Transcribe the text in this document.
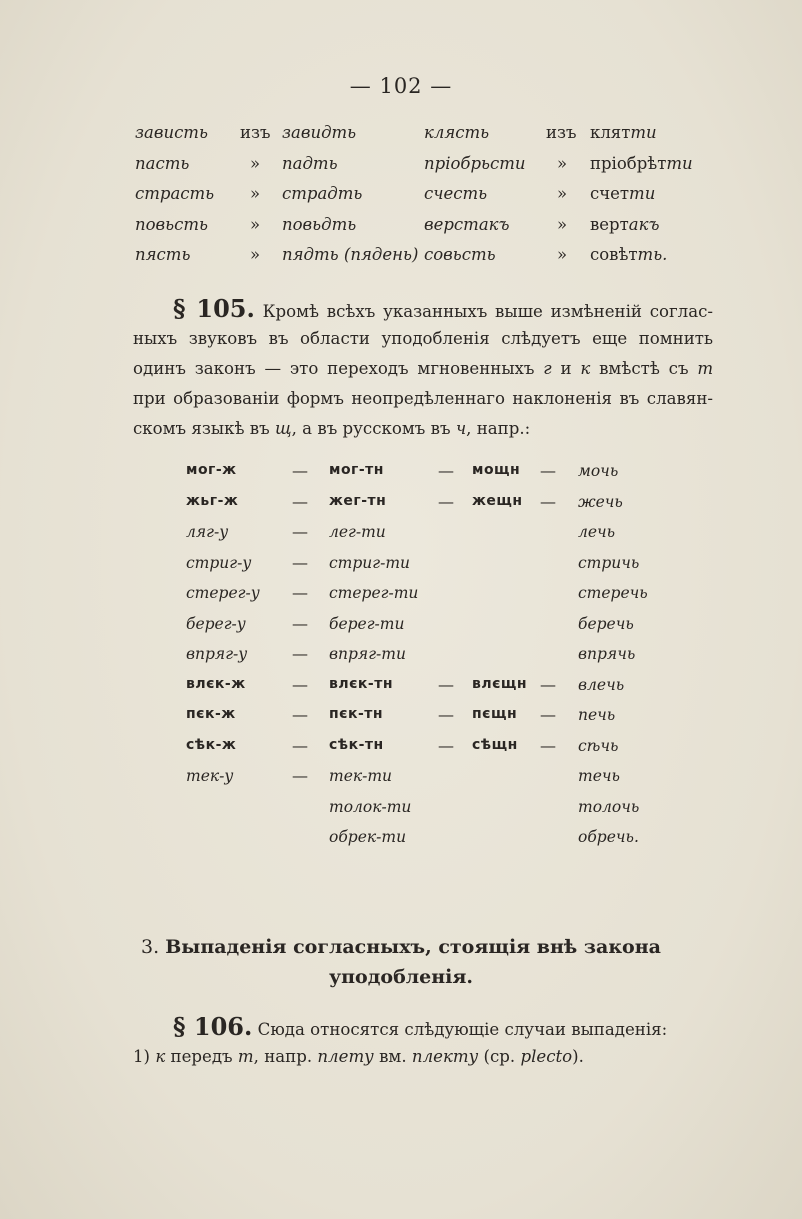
— 102 —
зависть изъ завидть	клясть	изъ клятти
пасть	» падть	пріобрьсти » пріобрѣтти
страсть » страдть	счесть	» счетти
повьсть	» повьдть	верстакъ	» вертакъ
пясть	» пядть (пядень) совьсть	» совѣтть.
§ 105. Кромѣ всѣхъ указанныхъ выше измѣненій соглас-
ныхъ звуковъ въ области уподобленія слѣдуетъ еще помнить
одинъ законъ — это переходъ мгновенныхъ г и к вмѣстѣ съ т
при образованіи формъ неопредѣленнаго наклоненія въ славян-
скомъ языкѣ въ щ, а въ русскомъ въ ч, напр.:
мог-ж	— мог-тн	— мощн — мочь
жьг-ж	— жег-тн	— жещн — жечь
ляг-у	— лег-ти	лечь
стриг-у	— стриг-ти	стричь
стерег-у — стерег-ти	стеречь
берег-у	— берег-ти	беречь
впряг-у	— впряг-ти	впрячь
влєк-ж	— влєк-тн	— влєщн — влечь
пєк-ж	— пєк-тн	— пєщн — печь
сѣк-ж	— сѣк-тн	— сѣщн — сѣчь
тек-у	— тек-ти	течь
толок-ти	толочь
обрек-ти	обречь.
3. Выпаденія согласныхъ, стоящія внѣ закона
уподобленія.
§ 106. Сюда относятся слѣдующіе случаи выпаденія:
1) к передъ т, напр. плету вм. плекту (ср. plecto).
